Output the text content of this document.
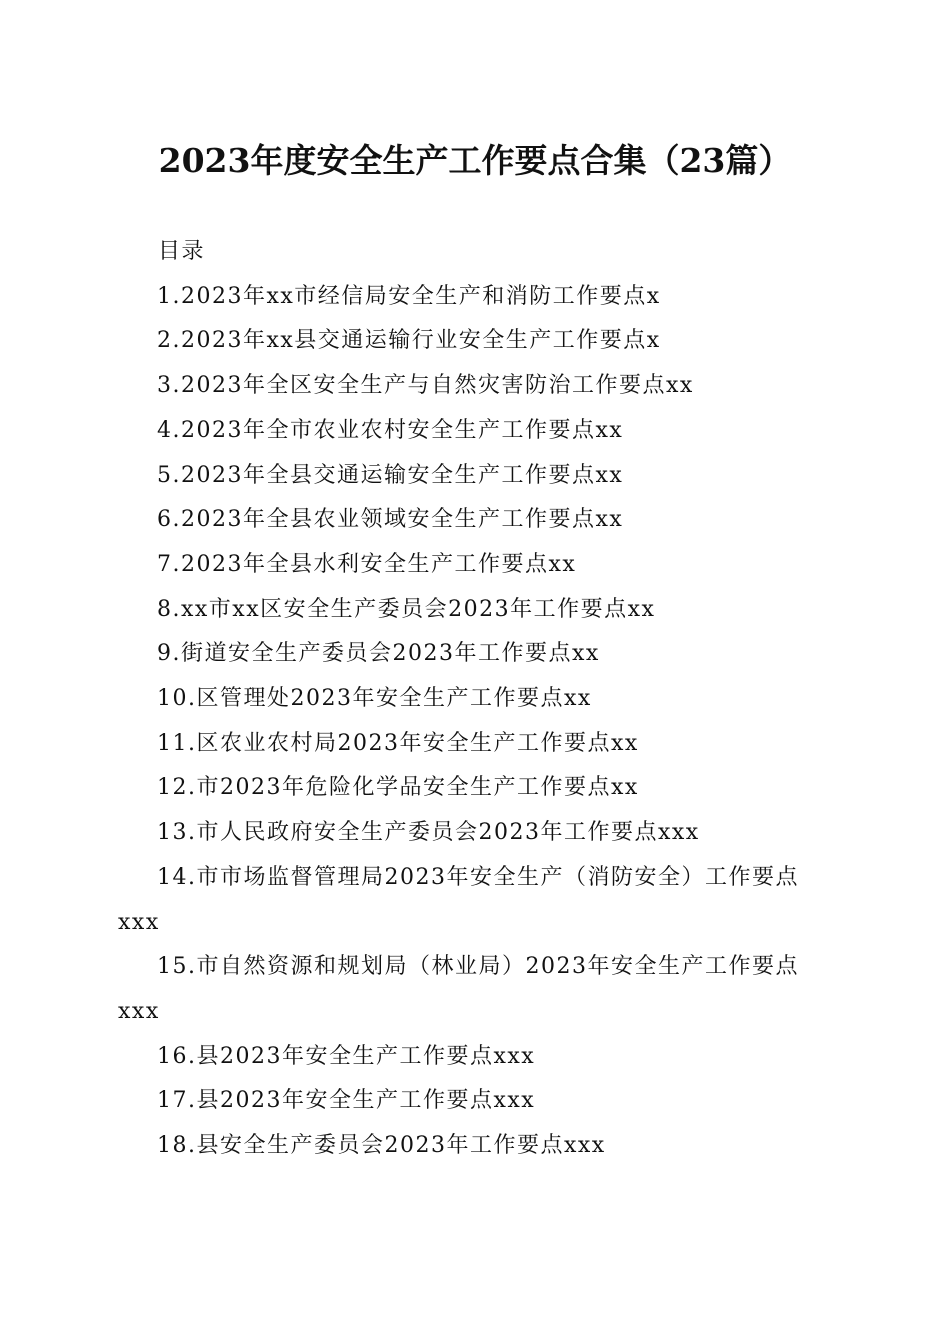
2023年度安全生产工作要点合集（23篇）
目录
1.2023年xx市经信局安全生产和消防工作要点x
2.2023年xx县交通运输行业安全生产工作要点x
3.2023年全区安全生产与自然灾害防治工作要点xx
4.2023年全市农业农村安全生产工作要点xx
5.2023年全县交通运输安全生产工作要点xx
6.2023年全县农业领域安全生产工作要点xx
7.2023年全县水利安全生产工作要点xx
8.xx市xx区安全生产委员会2023年工作要点xx
9.街道安全生产委员会2023年工作要点xx
10.区管理处2023年安全生产工作要点xx
11.区农业农村局2023年安全生产工作要点xx
12.市2023年危险化学品安全生产工作要点xx
13.市人民政府安全生产委员会2023年工作要点xxx
14.市市场监督管理局2023年安全生产（消防安全）工作要点xxx
15.市自然资源和规划局（林业局）2023年安全生产工作要点xxx
16.县2023年安全生产工作要点xxx
17.县2023年安全生产工作要点xxx
18.县安全生产委员会2023年工作要点xxx
